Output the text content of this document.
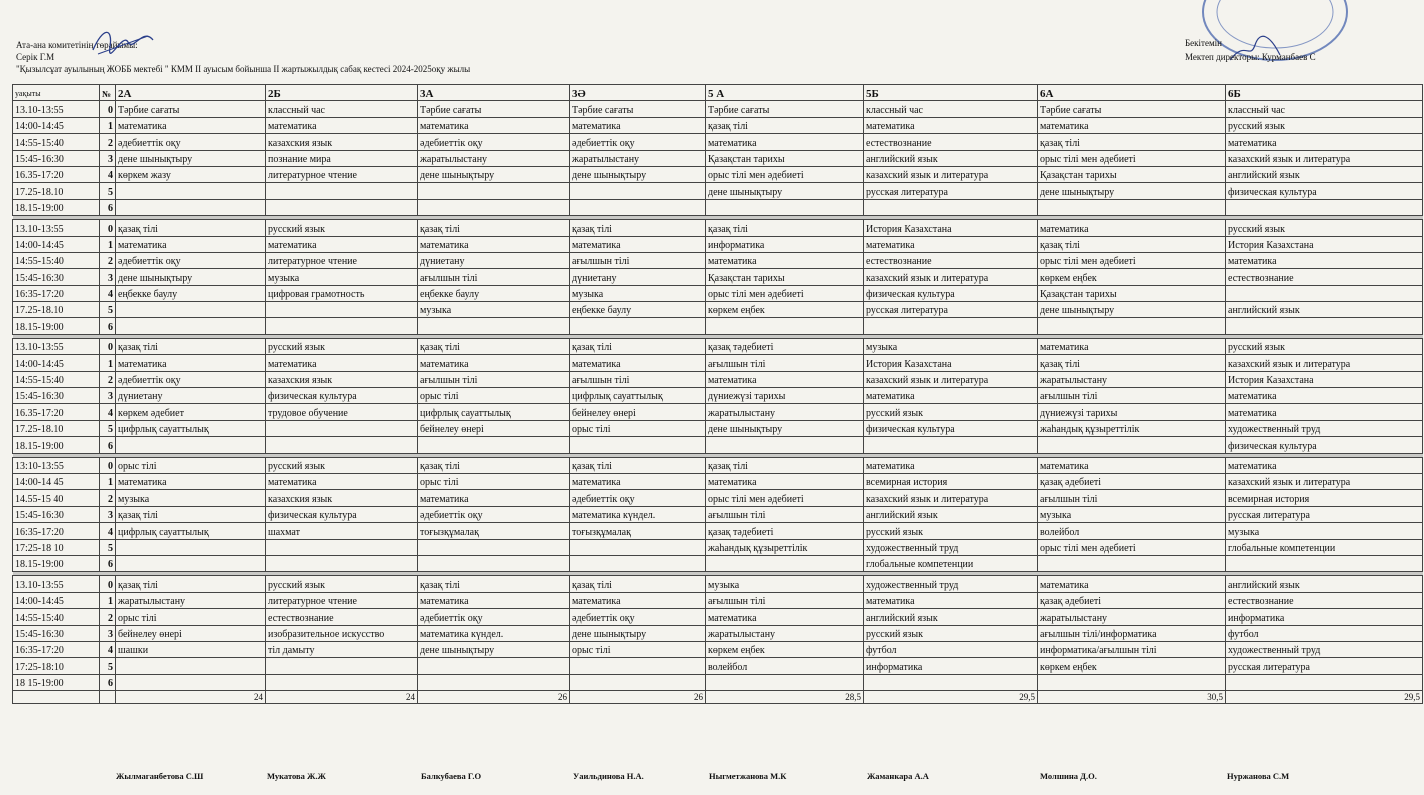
Ата-ана комитетінің төрайымы:
Серік Г.М
"Қызылсұат ауылының ЖОББ мектебі " КММ II ауысым бойынша II жартыжылдық сабақ кестесі 2024-2025оқу жылы
Бекітемін
Мектеп директоры: Курманбаев С
уақыты	№	2А	2Б	3А	3Ә	5 А	5Б	6А	6Б
13.10-13:55	0	Тәрбие сағаты	классный час	Тәрбие сағаты	Тәрбие сағаты	Тәрбие сағаты	классный час	Тәрбие сағаты	классный час
14:00-14:45	1	математика	математика	математика	математика	қазақ тілі	математика	математика	русский язык
14:55-15:40	2	әдебиеттік оқу	казахския язык	әдебиеттік оқу	әдебиеттік оқу	математика	естествознание	қазақ тілі	математика
15:45-16:30	3	дене шынықтыру	познание мира	жаратылыстану	жаратылыстану	Қазақстан тарихы	английский язык	орыс тілі мен әдебиеті	казахский язык и литература
16.35-17:20	4	көркем жазу	литературное чтение	дене шынықтыру	дене шынықтыру	орыс тілі мен әдебиеті	казахский язык и литература	Қазақстан тарихы	английский язык
17.25-18.10	5					дене шынықтыру	русская литература	дене шынықтыру	физическая культура
18.15-19:00	6								

13.10-13:55	0	қазақ тілі	русский язык	қазақ тілі	қазақ тілі	қазақ тілі	История Казахстана	математика	русский язык
14:00-14:45	1	математика	математика	математика	математика	информатика	математика	қазақ тілі	История Казахстана
14:55-15:40	2	әдебиеттік оқу	литературное чтение	дүниетану	ағылшын тілі	математика	естествознание	орыс тілі мен әдебиеті	математика
15:45-16:30	3	дене шынықтыру	музыка	ағылшын тілі	дүниетану	Қазақстан тарихы	казахский язык и литература	көркем еңбек	естествознание
16:35-17:20	4	еңбекке баулу	цифровая грамотность	еңбекке баулу	музыка	орыс тілі мен әдебиеті	физическая культура	Қазақстан тарихы	
17.25-18.10	5			музыка	еңбекке баулу	көркем еңбек	русская литература	дене шынықтыру	английский язык
18.15-19:00	6								

13.10-13:55	0	қазақ тілі	русский язык	қазақ тілі	қазақ тілі	қазақ тәдебиеті	музыка	математика	русский язык
14:00-14:45	1	математика	математика	математика	математика	ағылшын тілі	История Казахстана	қазақ тілі	казахский язык и литература
14:55-15:40	2	әдебиеттік оқу	казахския язык	ағылшын тілі	ағылшын тілі	математика	казахский язык и литература	жаратылыстану	История Казахстана
15:45-16:30	3	дүниетану	физическая культура	орыс тілі	цифрлық сауаттылық	дүниежүзі тарихы	математика	ағылшын тілі	математика
16.35-17:20	4	көркем әдебиет	трудовое обучение	цифрлық сауаттылық	бейнелеу өнері	жаратылыстану	русский язык	дүниежүзі тарихы	математика
17.25-18.10	5	цифрлық сауаттылық		бейнелеу өнері	орыс тілі	дене шынықтыру	физическая культура	жаһандық құзыреттілік	художественный труд
18.15-19:00	6								физическая культура

13:10-13:55	0	орыс тілі	русский язык	қазақ тілі	қазақ тілі	қазақ тілі	математика	математика	математика
14:00-14 45	1	математика	математика	орыс тілі	математика	математика	всемирная история	қазақ әдебиеті	казахский язык и литература
14.55-15 40	2	музыка	казахския язык	математика	әдебиеттік оқу	орыс тілі мен әдебиеті	казахский язык и литература	ағылшын тілі	всемирная история
15:45-16:30	3	қазақ тілі	физическая культура	әдебиеттік оқу	математика күндел.	ағылшын тілі	английский язык	музыка	русская литература
16:35-17:20	4	цифрлық сауаттылық	шахмат	тоғызқұмалақ	тоғызқұмалақ	қазақ тәдебиеті	русский язык	волейбол	музыка
17:25-18 10	5					жаһандық құзыреттілік	художественный труд	орыс тілі мен әдебиеті	глобальные компетенции
18.15-19:00	6						глобальные компетенции		

13.10-13:55	0	қазақ тілі	русский язык	қазақ тілі	қазақ тілі	музыка	художественный труд	математика	английский язык
14:00-14:45	1	жаратылыстану	литературное чтение	математика	математика	ағылшын тілі	математика	қазақ әдебиеті	естествознание
14:55-15:40	2	орыс тілі	естествознание	әдебиеттік оқу	әдебиеттік оқу	математика	английский язык	жаратылыстану	информатика
15:45-16:30	3	бейнелеу өнері	изобразительное искусство	математика күндел.	дене шынықтыру	жаратылыстану	русский язык	ағылшын тілі/информатика	футбол
16:35-17:20	4	шашки	тіл дамыту	дене шынықтыру	орыс тілі	көркем еңбек	футбол	информатика/ағылшын тілі	художественный труд
17:25-18:10	5					волейбол	информатика	көркем еңбек	русская литература
18 15-19:00	6								
		24	24	26	26	28,5	29,5	30,5	29,5
Жылмаганбетова С.Ш	Мукатова Ж.Ж	Балкубаева Г.О	Уаильдинова Н.А.	Ныгметжанова М.К	Жаманкара А.А	Молшина Д.О.	Нуржанова С.М
